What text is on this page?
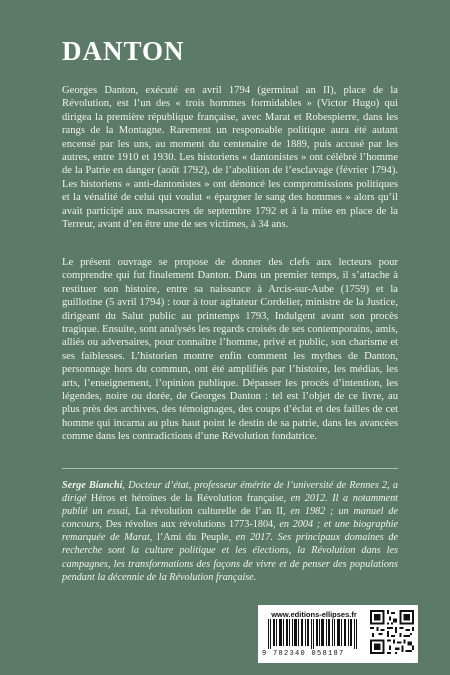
DANTON

Georges Danton, exécuté en avril 1794 (germinal an II), place de la Révolution, est l’un des « trois hommes formidables » (Victor Hugo) qui dirigea la première république française, avec Marat et Robespierre, dans les rangs de la Montagne. Rarement un responsable politique aura été autant encensé par les uns, au moment du centenaire de 1889, puis accusé par les autres, entre 1910 et 1930. Les historiens « dantonistes » ont célébré l’homme de la Patrie en danger (août 1792), de l’abolition de l’esclavage (février 1794). Les historiens « anti-dantonistes » ont dénoncé les compromissions politiques et la vénalité de celui qui voulut « épargner le sang des hommes » alors qu’il avait participé aux massacres de septembre 1792 et à la mise en place de la Terreur, avant d’en être une de ses victimes, à 34 ans.

Le présent ouvrage se propose de donner des clefs aux lecteurs pour comprendre qui fut finalement Danton. Dans un premier temps, il s’attache à restituer son histoire, entre sa naissance à Arcis-sur-Aube (1759) et la guillotine (5 avril 1794) : tour à tour agitateur Cordelier, ministre de la Justice, dirigeant du Salut public au printemps 1793, Indulgent avant son procès tragique. Ensuite, sont analysés les regards croisés de ses contemporains, amis, alliés ou adversaires, pour connaître l’homme, privé et public, son charisme et ses faiblesses. L’historien montre enfin comment les mythes de Danton, personnage hors du commun, ont été amplifiés par l’histoire, les médias, les arts, l’enseignement, l’opinion publique. Dépasser les procès d’intention, les légendes, noire ou dorée, de Georges Danton : tel est l’objet de ce livre, au plus près des archives, des témoignages, des coups d’éclat et des failles de cet homme qui incarna au plus haut point le destin de sa patrie, dans les avancées comme dans les contradictions d’une Révolution fondatrice.

Serge Bianchi, Docteur d’état, professeur émérite de l’université de Rennes 2, a dirigé Héros et héroïnes de la Révolution française, en 2012. Il a notamment publié un essai, La révolution culturelle de l’an II, en 1982 ; un manuel de concours, Des révoltes aux révolutions 1773-1804, en 2004 ; et une biographie remarquée de Marat, l’Ami du Peuple, en 2017. Ses principaux domaines de recherche sont la culture politique et les élections, la Révolution dans les campagnes, les transformations des façons de vivre et de penser des populations pendant la décennie de la Révolution française.

www.editions-ellipses.fr
9 782340 058187
